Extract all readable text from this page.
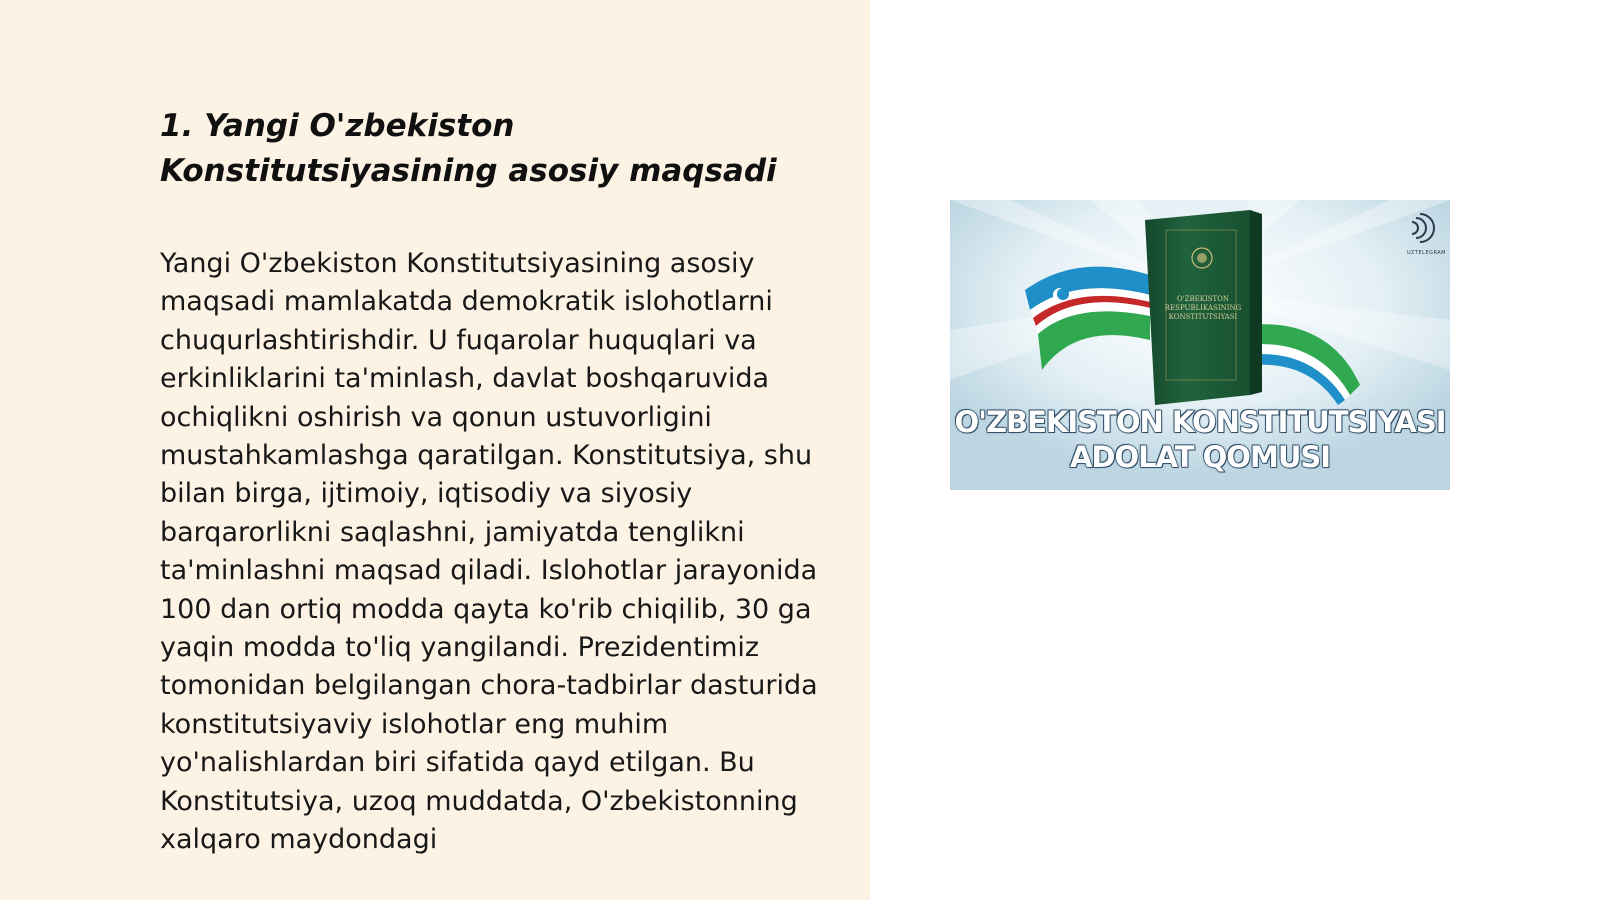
1. Yangi O'zbekiston Konstitutsiyasining asosiy maqsadi

Yangi O'zbekiston Konstitutsiyasining asosiy maqsadi mamlakatda demokratik islohotlarni chuqurlashtirishdir. U fuqarolar huquqlari va erkinliklarini ta'minlash, davlat boshqaruvida ochiqlikni oshirish va qonun ustuvorligini mustahkamlashga qaratilgan. Konstitutsiya, shu bilan birga, ijtimoiy, iqtisodiy va siyosiy barqarorlikni saqlashni, jamiyatda tenglikni ta'minlashni maqsad qiladi. Islohotlar jarayonida 100 dan ortiq modda qayta ko'rib chiqilib, 30 ga yaqin modda to'liq yangilandi. Prezidentimiz tomonidan belgilangan chora-tadbirlar dasturida konstitutsiyaviy islohotlar eng muhim yo'nalishlardan biri sifatida qayd etilgan. Bu Konstitutsiya, uzoq muddatda, O'zbekistonning xalqaro maydondagi

O'ZBEKISTON RESPUBLIKASINING KONSTITUTSIYASI
UZTELEGRAM
O'ZBEKISTON KONSTITUTSIYASI
ADOLAT QOMUSI
